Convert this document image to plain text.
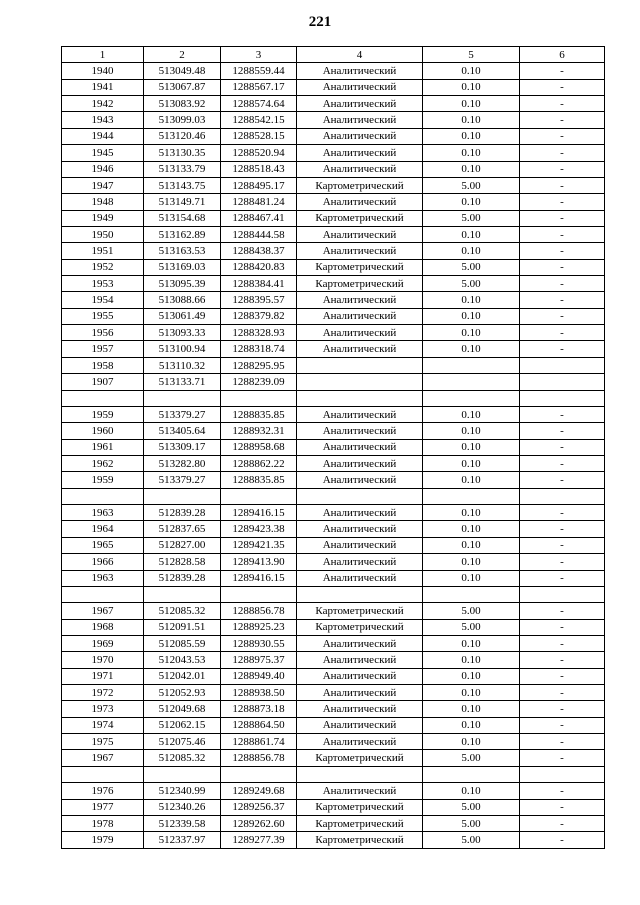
221
1	2	3	4	5	6
1940	513049.48	1288559.44	Аналитический	0.10	-
1941	513067.87	1288567.17	Аналитический	0.10	-
1942	513083.92	1288574.64	Аналитический	0.10	-
1943	513099.03	1288542.15	Аналитический	0.10	-
1944	513120.46	1288528.15	Аналитический	0.10	-
1945	513130.35	1288520.94	Аналитический	0.10	-
1946	513133.79	1288518.43	Аналитический	0.10	-
1947	513143.75	1288495.17	Картометрический	5.00	-
1948	513149.71	1288481.24	Аналитический	0.10	-
1949	513154.68	1288467.41	Картометрический	5.00	-
1950	513162.89	1288444.58	Аналитический	0.10	-
1951	513163.53	1288438.37	Аналитический	0.10	-
1952	513169.03	1288420.83	Картометрический	5.00	-
1953	513095.39	1288384.41	Картометрический	5.00	-
1954	513088.66	1288395.57	Аналитический	0.10	-
1955	513061.49	1288379.82	Аналитический	0.10	-
1956	513093.33	1288328.93	Аналитический	0.10	-
1957	513100.94	1288318.74	Аналитический	0.10	-
1958	513110.32	1288295.95			
1907	513133.71	1288239.09			

1959	513379.27	1288835.85	Аналитический	0.10	-
1960	513405.64	1288932.31	Аналитический	0.10	-
1961	513309.17	1288958.68	Аналитический	0.10	-
1962	513282.80	1288862.22	Аналитический	0.10	-
1959	513379.27	1288835.85	Аналитический	0.10	-

1963	512839.28	1289416.15	Аналитический	0.10	-
1964	512837.65	1289423.38	Аналитический	0.10	-
1965	512827.00	1289421.35	Аналитический	0.10	-
1966	512828.58	1289413.90	Аналитический	0.10	-
1963	512839.28	1289416.15	Аналитический	0.10	-

1967	512085.32	1288856.78	Картометрический	5.00	-
1968	512091.51	1288925.23	Картометрический	5.00	-
1969	512085.59	1288930.55	Аналитический	0.10	-
1970	512043.53	1288975.37	Аналитический	0.10	-
1971	512042.01	1288949.40	Аналитический	0.10	-
1972	512052.93	1288938.50	Аналитический	0.10	-
1973	512049.68	1288873.18	Аналитический	0.10	-
1974	512062.15	1288864.50	Аналитический	0.10	-
1975	512075.46	1288861.74	Аналитический	0.10	-
1967	512085.32	1288856.78	Картометрический	5.00	-

1976	512340.99	1289249.68	Аналитический	0.10	-
1977	512340.26	1289256.37	Картометрический	5.00	-
1978	512339.58	1289262.60	Картометрический	5.00	-
1979	512337.97	1289277.39	Картометрический	5.00	-
